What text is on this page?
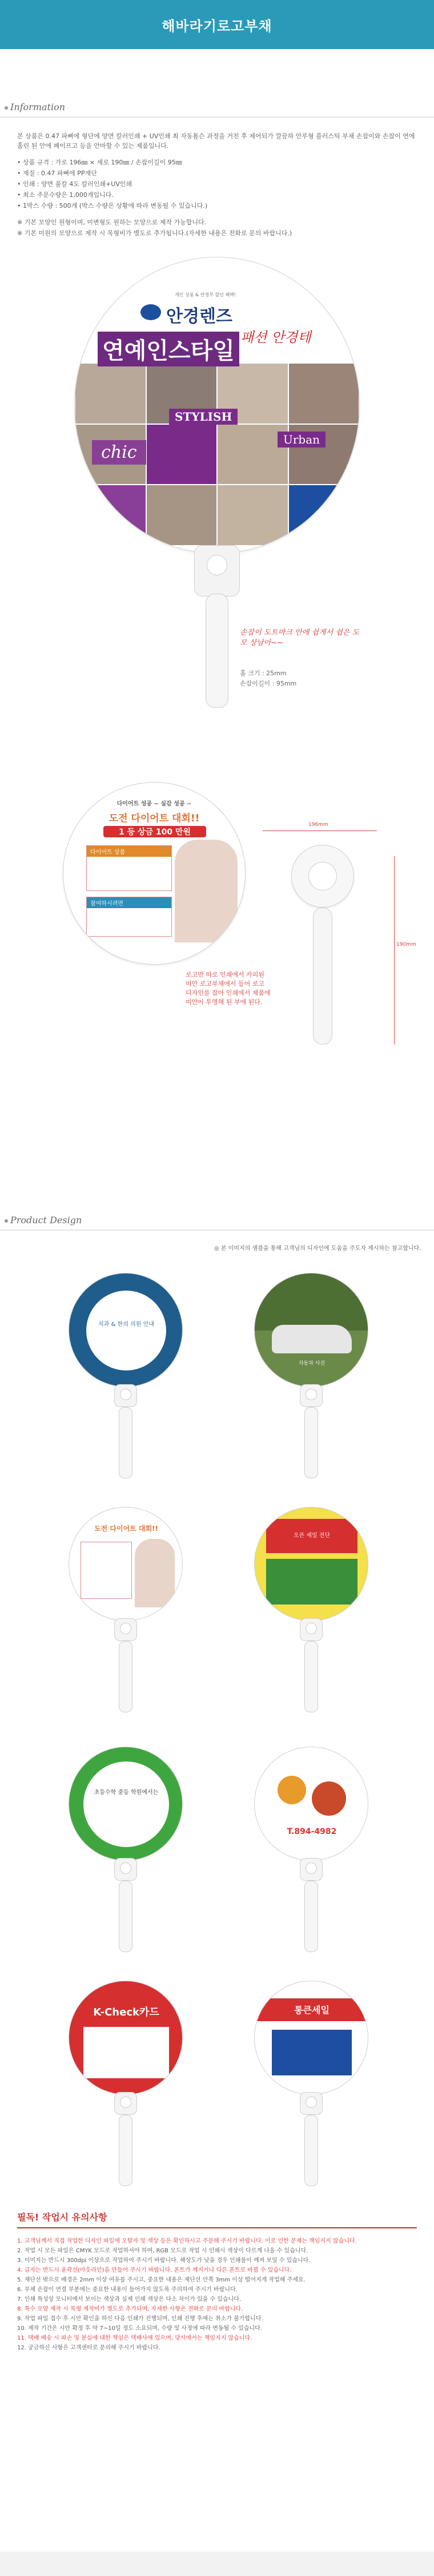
해바라기로고부채
Information

본 상품은 0.47 파뼈에 형단에 양면 칼러인쇄 + UV인쇄 최 자동톰슨 과정을 거친 후 제어되가 깔끔하 안루형 플러스틱 부채 손잡이와 손잡이 연에 홀린 된 안에 페이프고 등을 안마할 수 있는 제품입니다.

• 상품 규격 : 가로 196㎜ × 세로 190㎜ / 손잡이길이 95㎜

• 재질 : 0.47 파뼈에 PP재단

• 인쇄 : 양면 풀칼 4도 칼러인쇄+UV인쇄

• 최소 주문수량은 1,000개입니다.

• 1박스 수량 : 500개 (박스 수량은 상황에 따라 변동될 수 있습니다.)

※ 기본 모양인 원형이며, 미변형도 원하는 모양으로 제작 가능합니다.

※ 기본 미원의 모양으로 제작 시 목형비가 별도로 추가됩니다.(자세한 내용은 전화로 문의 바랍니다.)

개인 상품 & 안경부 할인 혜택!
안경렌즈
연예인스타일
패션 안경테
STYLISH
chic
Urban
손잡이 도트마크 안에 쉽게서 쉽은 도모 상남아~~
홀 크기 : 25mm
손잡이길이 : 95mm
다이어트 성공 ~ 실감 성공 ~
도전 다이어트 대회!!
1 등 상금 100 만원
다이어트 상품
참여하시려면
190mm
196mm
로고만 따로 인쇄에서 카피된 미안 로고부채에서 들어 로고 디자인를 잡아 인쇄에서 제품에 미안이 투명해 된 부에 된다.
Product Design
◎ 본 이미지의 샘플을 통해 고객님의 디자인에 도움을 주도자 제시하는 참고합니다.
치과 & 한의 의원 안내
자동차 사진
도전 다이어트 대회!!
오픈 세일 전단
초등수학 중등 학원에서는
T.894-4982
K-Check카드	통큰세일
필독! 작업시 유의사항

1. 고객님께서 직접 작업한 디자인 파일에 오탈자 및 색상 등은 확인하시고 주문해 주시기 바랍니다. 이로 인한 문제는 책임지지 않습니다.

2. 작업 시 모든 파일은 CMYK 모드로 작업하셔야 하며, RGB 모드로 작업 시 인쇄시 색상이 다르게 나올 수 있습니다.

3. 이미지는 반드시 300dpi 이상으로 작업하여 주시기 바랍니다. 해상도가 낮을 경우 인쇄물이 깨져 보일 수 있습니다.

4. 글자는 반드시 윤곽선(아웃라인)을 만들어 주시기 바랍니다. 폰트가 깨지거나 다른 폰트로 바뀔 수 있습니다.

5. 재단선 밖으로 배경은 2mm 이상 여유를 주시고, 중요한 내용은 재단선 안쪽 3mm 이상 떨어지게 작업해 주세요.

6. 부채 손잡이 연결 부분에는 중요한 내용이 들어가지 않도록 주의하여 주시기 바랍니다.

7. 인쇄 특성상 모니터에서 보이는 색상과 실제 인쇄 색상은 다소 차이가 있을 수 있습니다.

8. 특수 모양 제작 시 목형 제작비가 별도로 추가되며, 자세한 사항은 전화로 문의 바랍니다.

9. 작업 파일 접수 후 시안 확인을 하신 다음 인쇄가 진행되며, 인쇄 진행 후에는 취소가 불가합니다.

10. 제작 기간은 시안 확정 후 약 7~10일 정도 소요되며, 수량 및 사정에 따라 변동될 수 있습니다.

11. 택배 배송 시 파손 및 분실에 대한 책임은 택배사에 있으며, 당사에서는 책임지지 않습니다.

12. 궁금하신 사항은 고객센터로 문의해 주시기 바랍니다.
